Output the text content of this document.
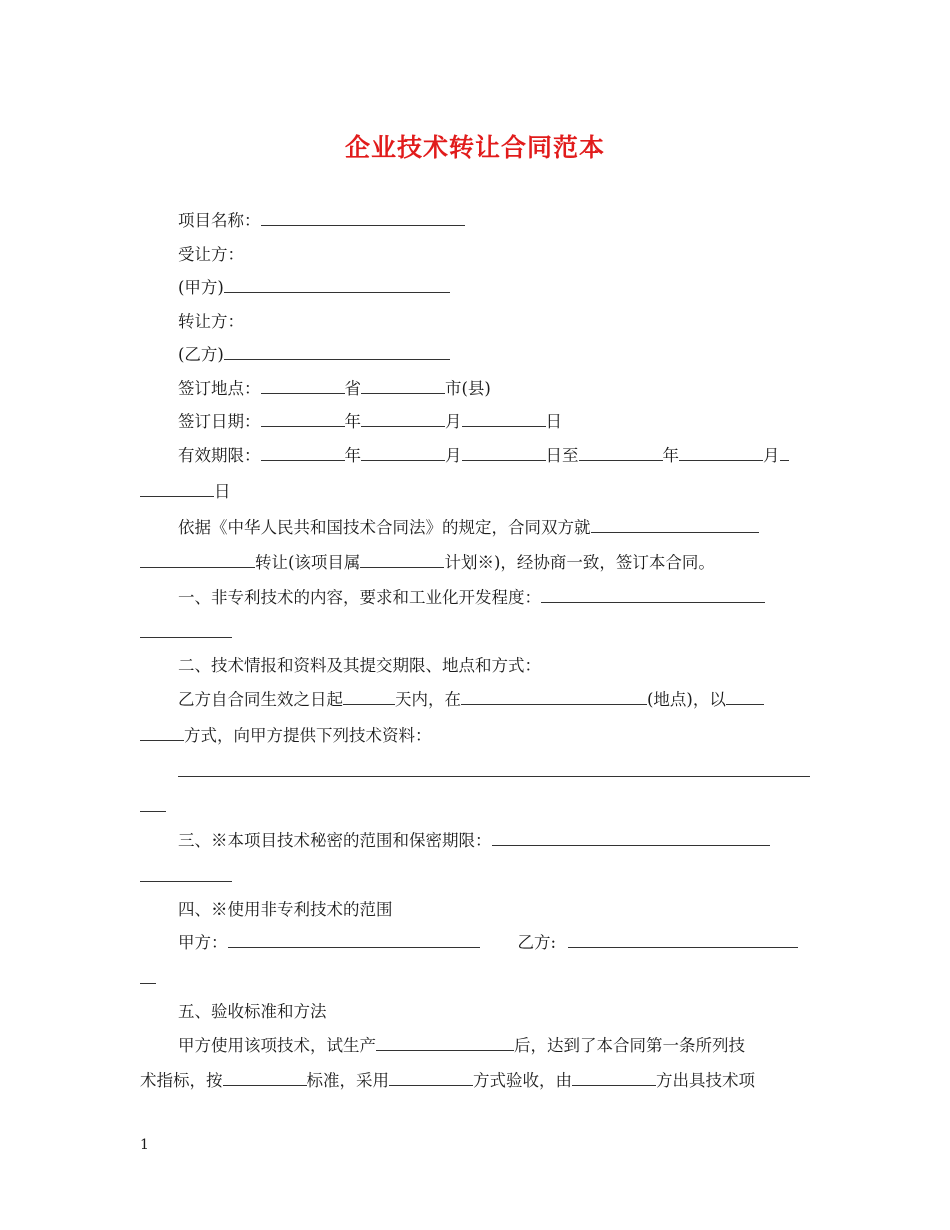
企业技术转让合同范本
项目名称：
受让方：
(甲方)
转让方：
(乙方)
签订地点：	省	市(县)
签订日期：	年	月	日
有效期限：	年	月	日至	年	月
日
依据《中华人民共和国技术合同法》的规定，合同双方就
转让(该项目属	计划※)，经协商一致，签订本合同。
一、非专利技术的内容，要求和工业化开发程度：
二、技术情报和资料及其提交期限、地点和方式：
乙方自合同生效之日起	天内，在	(地点)，以
方式，向甲方提供下列技术资料：
三、※本项目技术秘密的范围和保密期限：
四、※使用非专利技术的范围
甲方：	乙方:
五、验收标准和方法
甲方使用该项技术，试生产	后，达到了本合同第一条所列技
术指标，按	标准，采用	方式验收，由	方出具技术项
1
